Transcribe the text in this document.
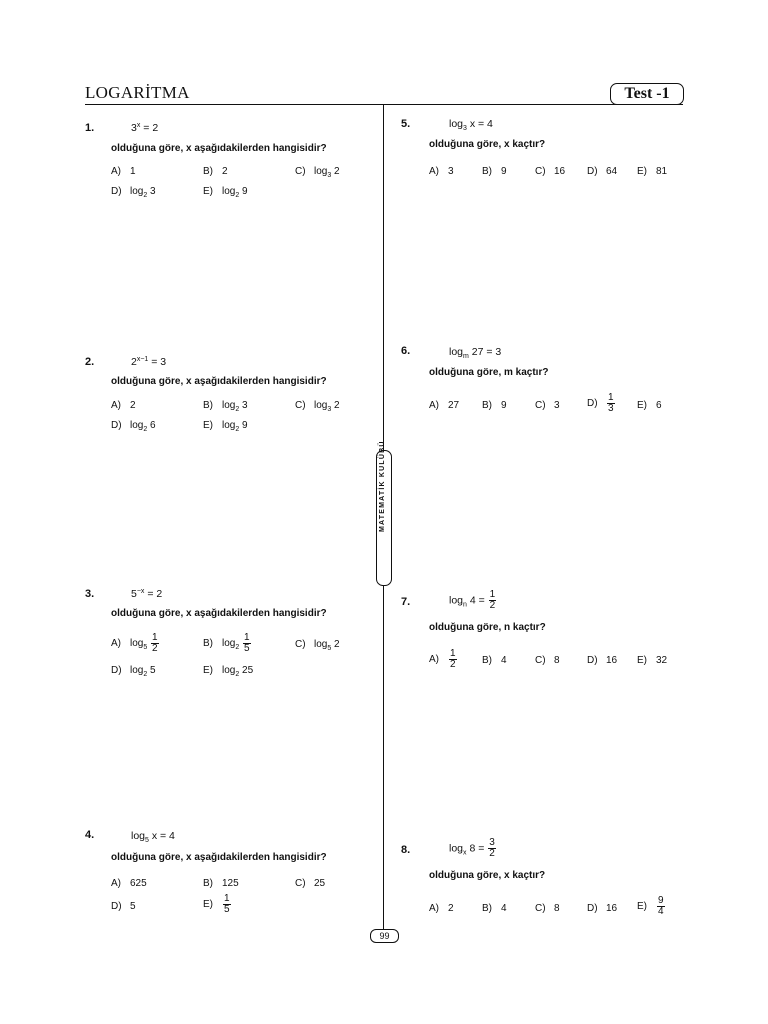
LOGARİTMA	Test -1
99
1.	$3^x = 2$
olduğuna göre, x aşağıdakilerden hangisidir?
A) 1	B) 2	C) $\log_3 2$
D) $\log_2 3$	E) $\log_2 9$
2.	$2^{x-1} = 3$
olduğuna göre, x aşağıdakilerden hangisidir?
A) 2	B) $\log_2 3$	C) $\log_3 2$
D) $\log_2 6$	E) $\log_2 9$
3.	$5^{-x} = 2$
olduğuna göre, x aşağıdakilerden hangisidir?
A) $\log_5 \frac{1}{2}$	B) $\log_2 \frac{1}{5}$	C) $\log_5 2$
D) $\log_2 5$	E) $\log_2 25$
4.	$\log_5 x = 4$
olduğuna göre, x aşağıdakilerden hangisidir?
A) 625	B) 125	C) 25
D) 5	$E) \frac{1}{5}$
5.	$\log_3 x = 4$
olduğuna göre, x kaçtır?
A) 3	B) 9	C) 16 D) 64 E) 81
6.	$\log_m 27 = 3$
olduğuna göre, m kaçtır?
A) 27 B) 9	C) 3	$D) \frac{1}{3} E$) 6
7.	$\log_n 4 = \frac{1}{2}$
olduğuna göre, n kaçtır?
$A) \frac{1}{2}$	B) 4	C) 8	D) 16 E) 32
8.	$\log_x 8 = \frac{3}{2}$
olduğuna göre, x kaçtır?
A) 2	B) 4	C) 8	D) 16 $E) \frac{9}{4}$
